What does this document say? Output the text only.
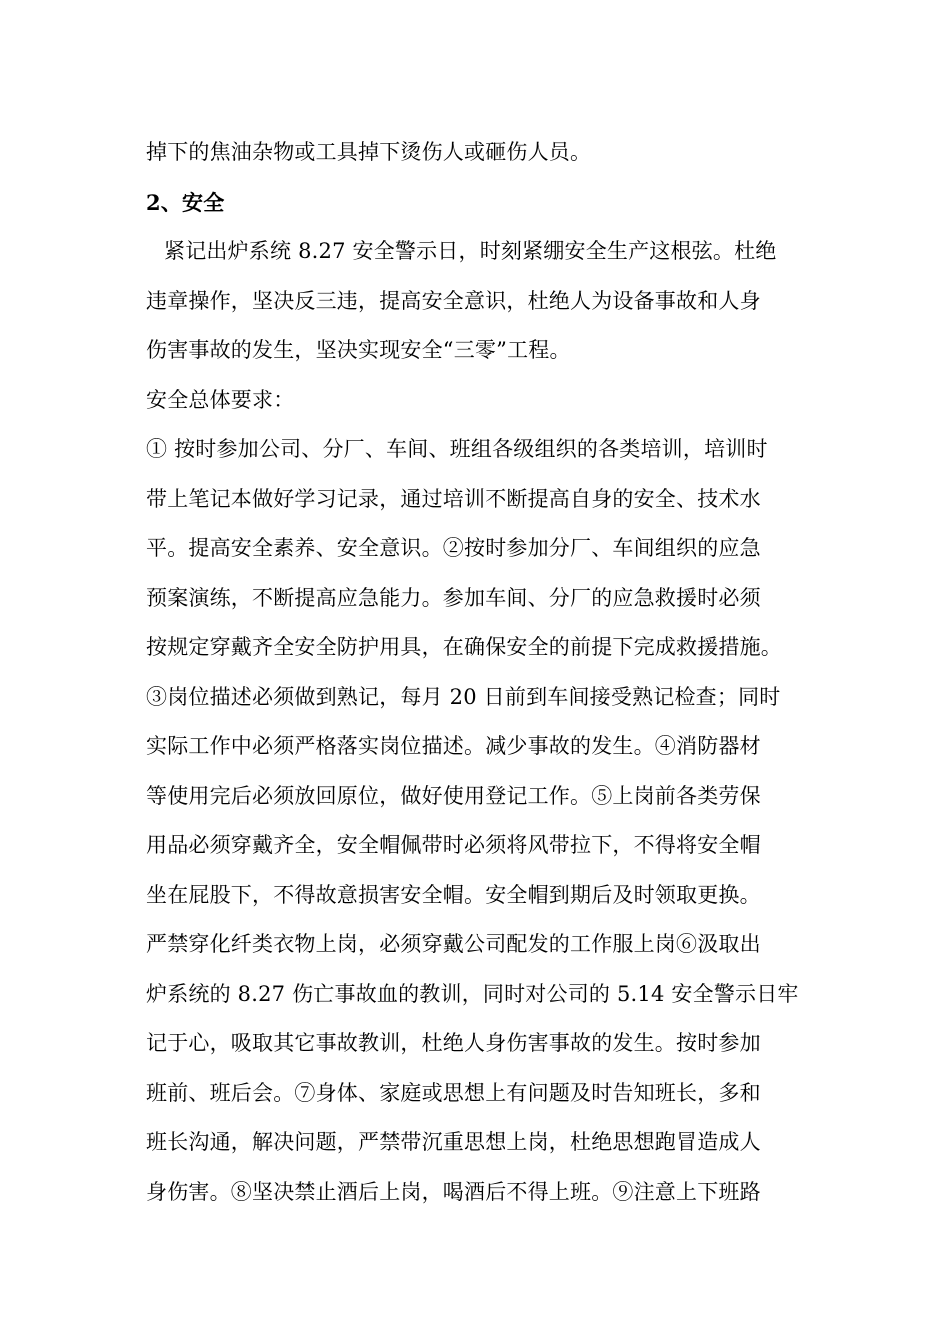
掉下的焦油杂物或工具掉下烫伤人或砸伤人员。
2、安全
紧记出炉系统 8.27 安全警示日，时刻紧绷安全生产这根弦。杜绝
违章操作，坚决反三违，提高安全意识，杜绝人为设备事故和人身
伤害事故的发生，坚决实现安全“三零”工程。
安全总体要求：
① 按时参加公司、分厂、车间、班组各级组织的各类培训，培训时
带上笔记本做好学习记录，通过培训不断提高自身的安全、技术水
平。提高安全素养、安全意识。②按时参加分厂、车间组织的应急
预案演练，不断提高应急能力。参加车间、分厂的应急救援时必须
按规定穿戴齐全安全防护用具，在确保安全的前提下完成救援措施。
③岗位描述必须做到熟记，每月 20 日前到车间接受熟记检查；同时
实际工作中必须严格落实岗位描述。减少事故的发生。④消防器材
等使用完后必须放回原位，做好使用登记工作。⑤上岗前各类劳保
用品必须穿戴齐全，安全帽佩带时必须将风带拉下，不得将安全帽
坐在屁股下，不得故意损害安全帽。安全帽到期后及时领取更换。
严禁穿化纤类衣物上岗，必须穿戴公司配发的工作服上岗⑥汲取出
炉系统的 8.27 伤亡事故血的教训，同时对公司的 5.14 安全警示日牢
记于心，吸取其它事故教训，杜绝人身伤害事故的发生。按时参加
班前、班后会。⑦身体、家庭或思想上有问题及时告知班长，多和
班长沟通，解决问题，严禁带沉重思想上岗，杜绝思想跑冒造成人
身伤害。⑧坚决禁止酒后上岗，喝酒后不得上班。⑨注意上下班路
